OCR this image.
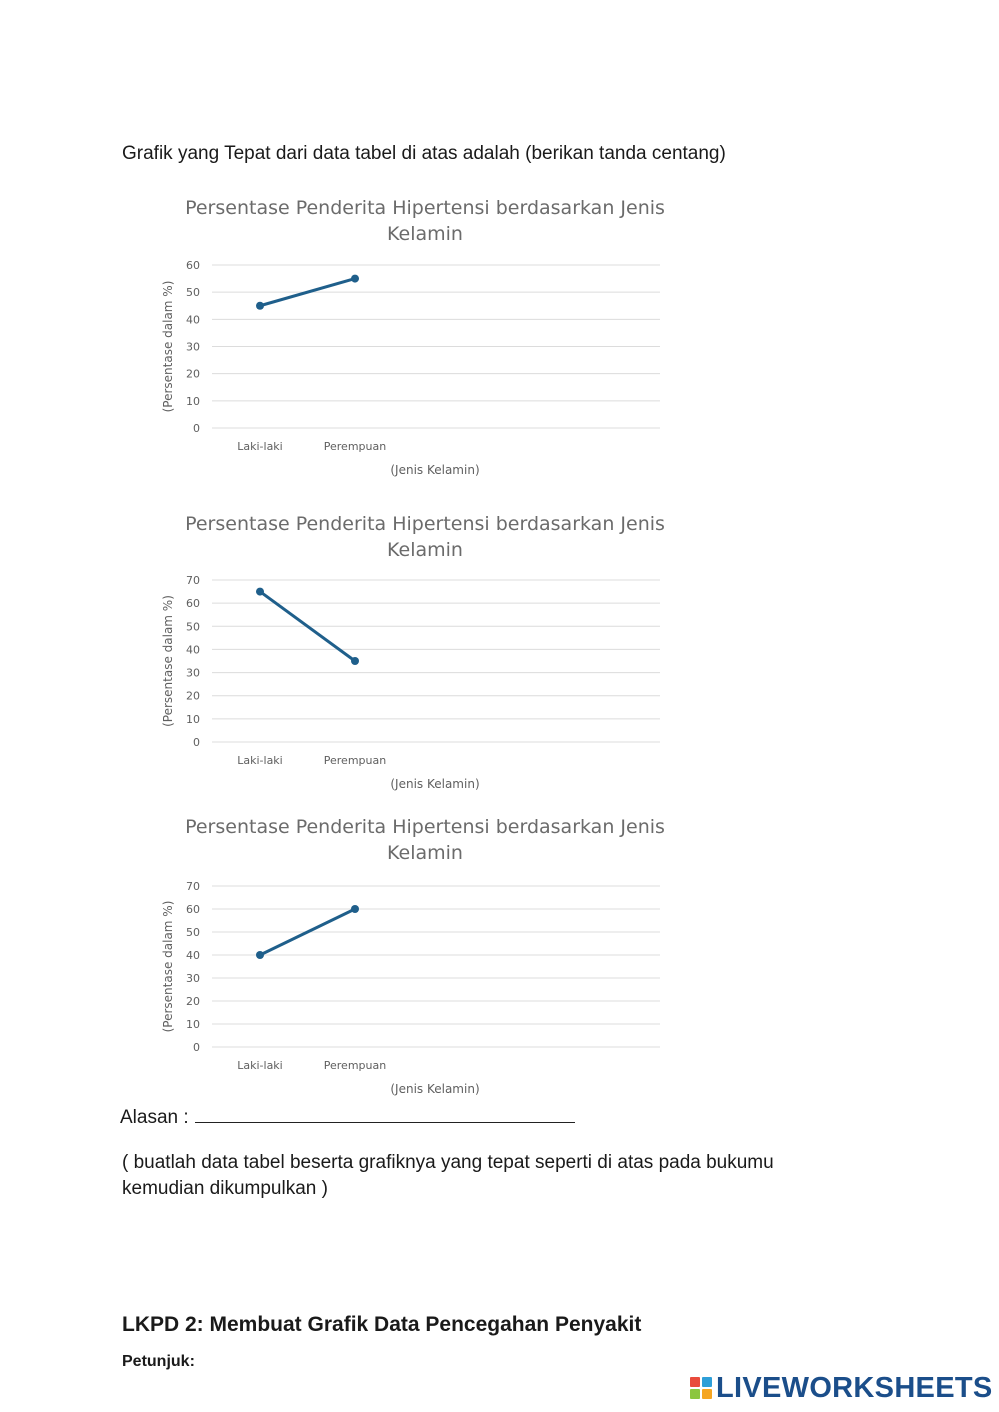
Grafik yang Tepat dari data tabel di atas adalah (berikan tanda centang)
Persentase Penderita Hipertensi berdasarkan Jenis
Kelamin
0
10
20
30
40
50
60
(Persentase dalam %)
Laki-laki	Perempuan
(Jenis Kelamin)
Persentase Penderita Hipertensi berdasarkan Jenis
Kelamin
0
10
20
30
40
50
60
70
(Persentase dalam %)
Laki-laki	Perempuan
(Jenis Kelamin)
Persentase Penderita Hipertensi berdasarkan Jenis
Kelamin
0
10
20
30
40
50
60
70
(Persentase dalam %)
Laki-laki	Perempuan
(Jenis Kelamin)
Alasan :
( buatlah data tabel beserta grafiknya yang tepat seperti di atas pada bukumu kemudian dikumpulkan )
LKPD 2: Membuat Grafik Data Pencegahan Penyakit
Petunjuk:
LIVEWORKSHEETS
